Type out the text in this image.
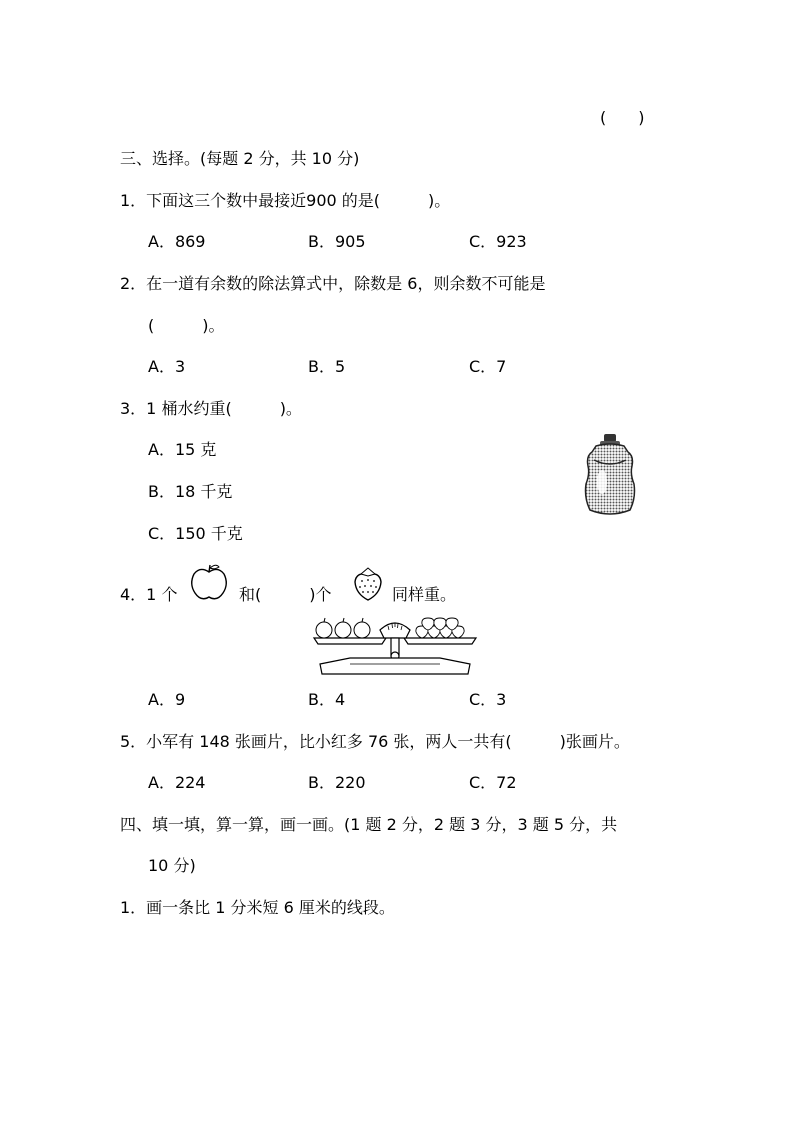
(　　)
三、选择。(每题 2 分，共 10 分)
1．下面这三个数中最接近900 的是(　　　)。
A．869	B．905	C．923
2．在一道有余数的除法算式中，除数是 6，则余数不可能是
(　　　)。
A．3	B．5	C．7
3．1 桶水约重(　　　)。
A．15 克
B．18 千克
C．150 千克
4．1 个	和(　　　)个	同样重。
A．9	B．4	C．3
5．小军有 148 张画片，比小红多 76 张，两人一共有(　　　)张画片。
A．224	B．220	C．72
四、填一填，算一算，画一画。(1 题 2 分，2 题 3 分，3 题 5 分，共
10 分)
1．画一条比 1 分米短 6 厘米的线段。
